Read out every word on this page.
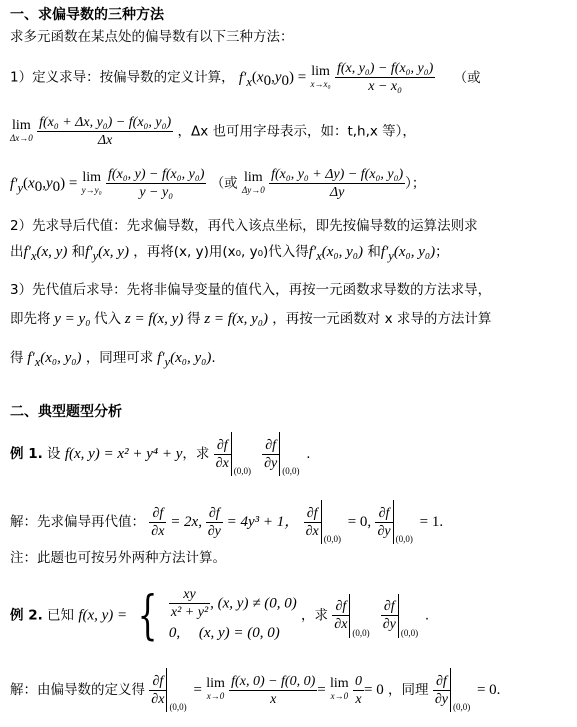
一、求偏导数的三种方法
求多元函数在某点处的偏导数有以下三种方法：
1）定义求导：按偏导数的定义计算， $f'_x(x_0,y_0) = \lim$
x→x₀
$\frac{\text{f(x, y₀) − f(x₀, y₀)}}{\text{x − x₀}}$ （或
lim
Δx→0
$\frac{\text{f(x₀ + Δx, y₀) − f(x₀, y₀)}}{\Delta x}$ ，Δx 也可用字母表示，如：t,h,x 等），
$f'_y(x_0,y_0) = \lim$
y→y₀
$\frac{\text{f(x₀, y) − f(x₀, y₀)}}{\text{y − y₀}}$ （或 lim
Δy→0
$\frac{\text{f(x₀, y₀ + Δy) − f(x₀, y₀)}}{\Delta y}$ ）；
2）先求导后代值：先求偏导数，再代入该点坐标，即先按偏导数的运算法则求
出$f'_x(x$, y) 和$f'_y(x$, y) ，再将(x, y)用(x₀, y₀)代入得$f'_x(x_0$, y₀) 和$f'_y(x_0$, y₀)；
3）先代值后求导：先将非偏导变量的值代入，再按一元函数求导数的方法求导，
即先将 y = y₀ 代入 z = f(x, y) 得 z = f(x, y₀) ，再按一元函数对 x 求导的方法计算
得 $f'_x(x_0$, y₀) ，同理可求 $f'_y(x_0$, y₀).
二、典型题型分析
例 1. 设 f(x, y) = x² + y⁴ + y，求 $\frac{\partial f}{\partial x} (0,0)$
$\frac{\partial f}{\partial y} (0,0)$
.
解：先求偏导再代值： $\frac{\partial f}{\partial x} = 2x$, $\frac{\partial f}{\partial y} = 4y^3 + 1$， $\frac{\partial f}{\partial x} (0,0)$
= 0, $\frac{\partial f}{\partial y} (0,0)$
= 1.
注：此题也可按另外两种方法计算。
例 2. 已知 f(x, y) = { $\frac{xy}{\text{x² + y²}}$ , (x, y) ≠ (0, 0)
0,     (x, y) = (0, 0)
，求 $\frac{\partial f}{\partial x} (0,0)$
$\frac{\partial f}{\partial y} (0,0)$
.
解：由偏导数的定义得 $\frac{\partial f}{\partial x} (0,0)$
= lim
x→0
$\frac{f(x, 0) - f(0, 0)}{x} = \lim$
x→0
$\frac{0}{x} = 0$ ，同理 $\frac{\partial f}{\partial y} (0,0)$
= 0.
